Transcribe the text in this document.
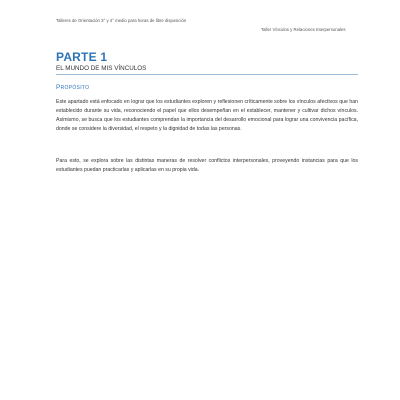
Talleres de Orientación 3° y 4° medio para horas de libre disposición
Taller Vínculos y Relaciones Interpersonales
PARTE 1
EL MUNDO DE MIS VÍNCULOS
Propósito

Este apartado está enfocado en lograr que los estudiantes exploren y reflexionen críticamente sobre los vínculos afectivos que han establecido durante su vida, reconociendo el papel que ellos desempeñan en el establecer, mantener y cultivar dichos vínculos. Asimismo, se busca que los estudiantes comprendan la importancia del desarrollo emocional para lograr una convivencia pacífica, donde se considere la diversidad, el respeto y la dignidad de todas las personas.

Para esto, se explora sobre las distintas maneras de resolver conflictos interpersonales, proveyendo instancias para que los estudiantes puedan practicarlas y aplicarlas en su propia vida.
